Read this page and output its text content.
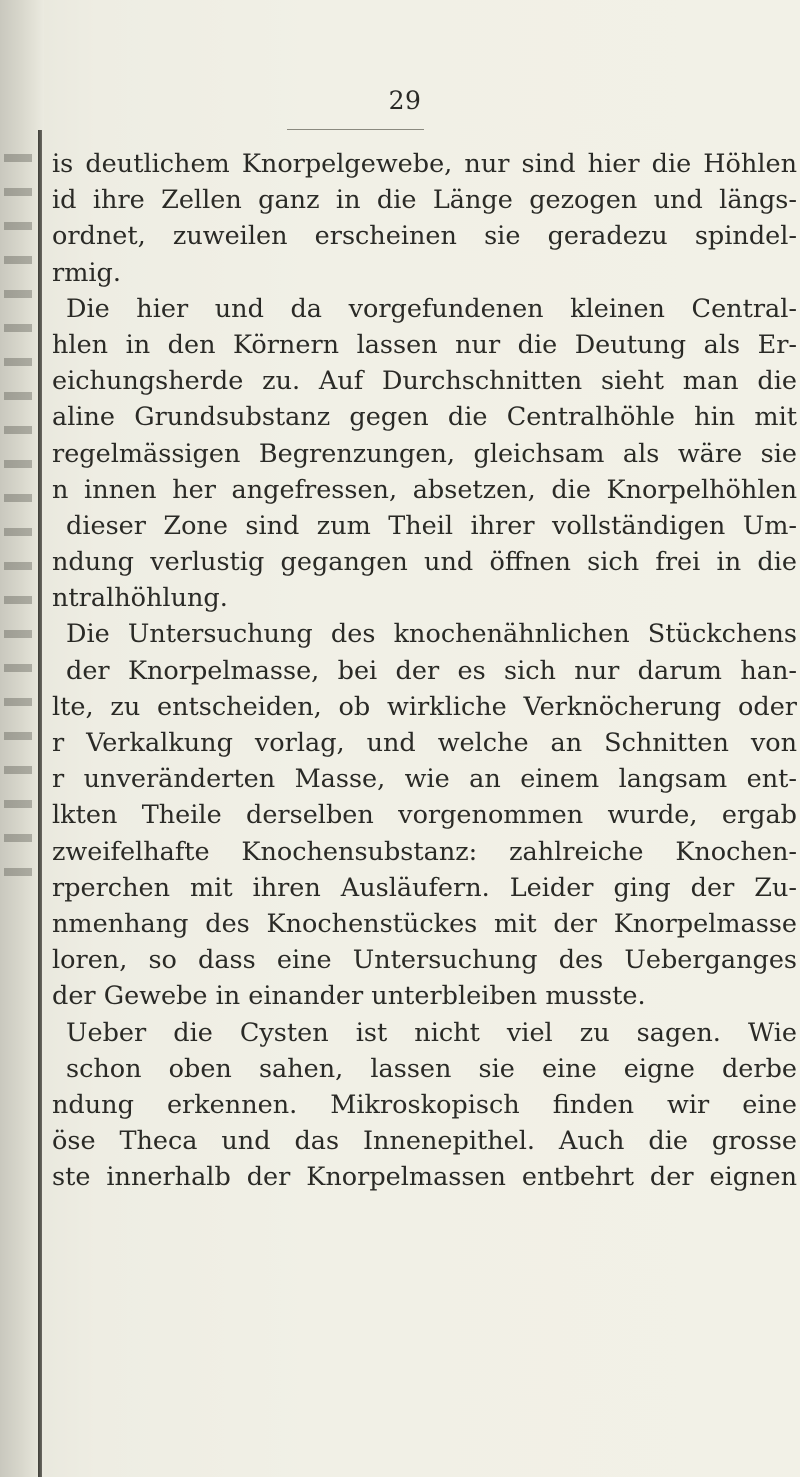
29
is deutlichem Knorpelgewebe, nur sind hier die Höhlen
id ihre Zellen ganz in die Länge gezogen und längs-
ordnet, zuweilen erscheinen sie geradezu spindel-
rmig.
Die hier und da vorgefundenen kleinen Central-
hlen in den Körnern lassen nur die Deutung als Er-
eichungsherde zu. Auf Durchschnitten sieht man die
aline Grundsubstanz gegen die Centralhöhle hin mit
regelmässigen Begrenzungen, gleichsam als wäre sie
n innen her angefressen, absetzen, die Knorpelhöhlen
dieser Zone sind zum Theil ihrer vollständigen Um-
ndung verlustig gegangen und öffnen sich frei in die
ntralhöhlung.
Die Untersuchung des knochenähnlichen Stückchens
der Knorpelmasse, bei der es sich nur darum han-
lte, zu entscheiden, ob wirkliche Verknöcherung oder
r Verkalkung vorlag, und welche an Schnitten von
r unveränderten Masse, wie an einem langsam ent-
lkten Theile derselben vorgenommen wurde, ergab
zweifelhafte Knochensubstanz: zahlreiche Knochen-
rperchen mit ihren Ausläufern. Leider ging der Zu-
nmenhang des Knochenstückes mit der Knorpelmasse
loren, so dass eine Untersuchung des Ueberganges
der Gewebe in einander unterbleiben musste.
Ueber die Cysten ist nicht viel zu sagen. Wie
schon oben sahen, lassen sie eine eigne derbe
ndung erkennen. Mikroskopisch finden wir eine
öse Theca und das Innenepithel. Auch die grosse
ste innerhalb der Knorpelmassen entbehrt der eignen
